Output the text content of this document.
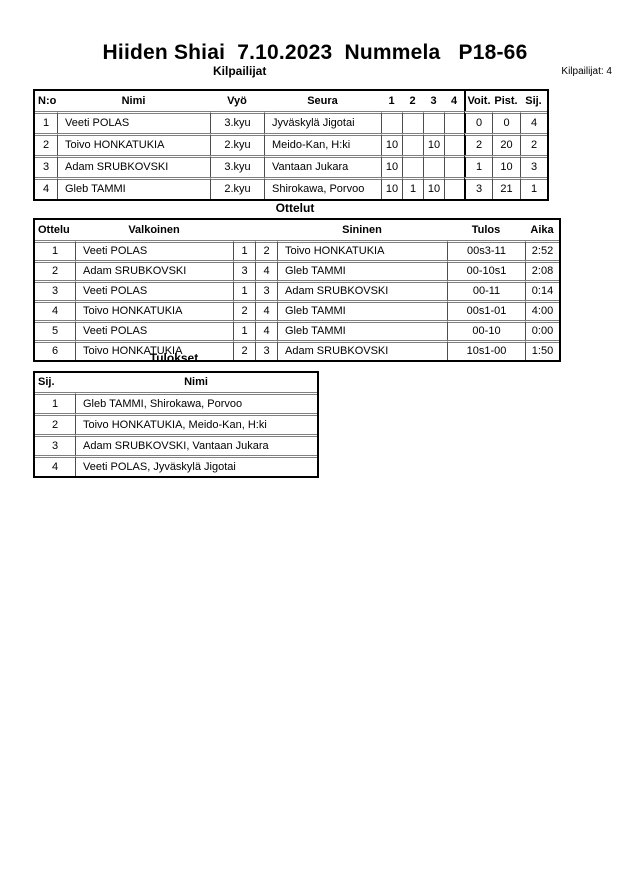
Hiiden Shiai  7.10.2023  Nummela   P18-66
Kilpailijat	Kilpailijat: 4
N:o	Nimi	Vyö	Seura	1	2	3	4	Voit.	Pist.	Sij.
1	Veeti POLAS	3.kyu	Jyväskylä Jigotai					0	0	4
2	Toivo HONKATUKIA	2.kyu	Meido-Kan, H:ki	10		10		2	20	2
3	Adam SRUBKOVSKI	3.kyu	Vantaan Jukara	10				1	10	3
4	Gleb TAMMI	2.kyu	Shirokawa, Porvoo	10	1	10		3	21	1
Ottelut
Ottelu	Valkoinen			Sininen	Tulos	Aika
1	Veeti POLAS	1	2	Toivo HONKATUKIA	00s3-11	2:52
2	Adam SRUBKOVSKI	3	4	Gleb TAMMI	00-10s1	2:08
3	Veeti POLAS	1	3	Adam SRUBKOVSKI	00-11	0:14
4	Toivo HONKATUKIA	2	4	Gleb TAMMI	00s1-01	4:00
5	Veeti POLAS	1	4	Gleb TAMMI	00-10	0:00
6	Toivo HONKATUKIA	2	3	Adam SRUBKOVSKI	10s1-00	1:50
Tulokset
Sij.	Nimi
1	Gleb TAMMI, Shirokawa, Porvoo
2	Toivo HONKATUKIA, Meido-Kan, H:ki
3	Adam SRUBKOVSKI, Vantaan Jukara
4	Veeti POLAS, Jyväskylä Jigotai
